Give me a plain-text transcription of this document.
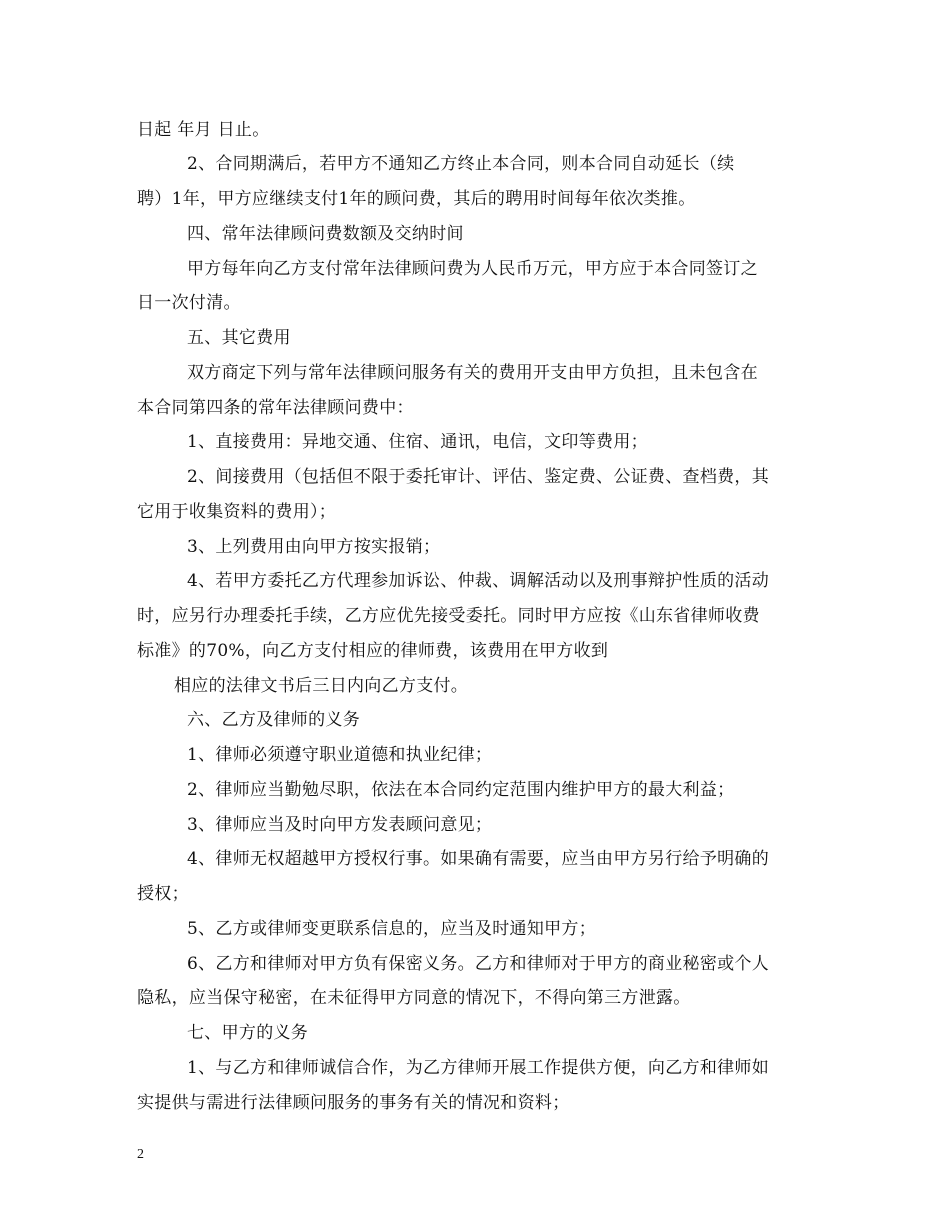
日起 年月 日止。
2、合同期满后，若甲方不通知乙方终止本合同，则本合同自动延长（续
聘）1年，甲方应继续支付1年的顾问费，其后的聘用时间每年依次类推。
四、常年法律顾问费数额及交纳时间
甲方每年向乙方支付常年法律顾问费为人民币万元，甲方应于本合同签订之
日一次付清。
五、其它费用
双方商定下列与常年法律顾问服务有关的费用开支由甲方负担，且未包含在
本合同第四条的常年法律顾问费中：
1、直接费用：异地交通、住宿、通讯，电信，文印等费用；
2、间接费用（包括但不限于委托审计、评估、鉴定费、公证费、查档费，其
它用于收集资料的费用）；
3、上列费用由向甲方按实报销；
4、若甲方委托乙方代理参加诉讼、仲裁、调解活动以及刑事辩护性质的活动
时，应另行办理委托手续，乙方应优先接受委托。同时甲方应按《山东省律师收费
标准》的70%，向乙方支付相应的律师费，该费用在甲方收到
相应的法律文书后三日内向乙方支付。
六、乙方及律师的义务
1、律师必须遵守职业道德和执业纪律；
2、律师应当勤勉尽职，依法在本合同约定范围内维护甲方的最大利益；
3、律师应当及时向甲方发表顾问意见；
4、律师无权超越甲方授权行事。如果确有需要，应当由甲方另行给予明确的
授权；
5、乙方或律师变更联系信息的，应当及时通知甲方；
6、乙方和律师对甲方负有保密义务。乙方和律师对于甲方的商业秘密或个人
隐私，应当保守秘密，在未征得甲方同意的情况下，不得向第三方泄露。
七、甲方的义务
1、与乙方和律师诚信合作，为乙方律师开展工作提供方便，向乙方和律师如
实提供与需进行法律顾问服务的事务有关的情况和资料；
2
